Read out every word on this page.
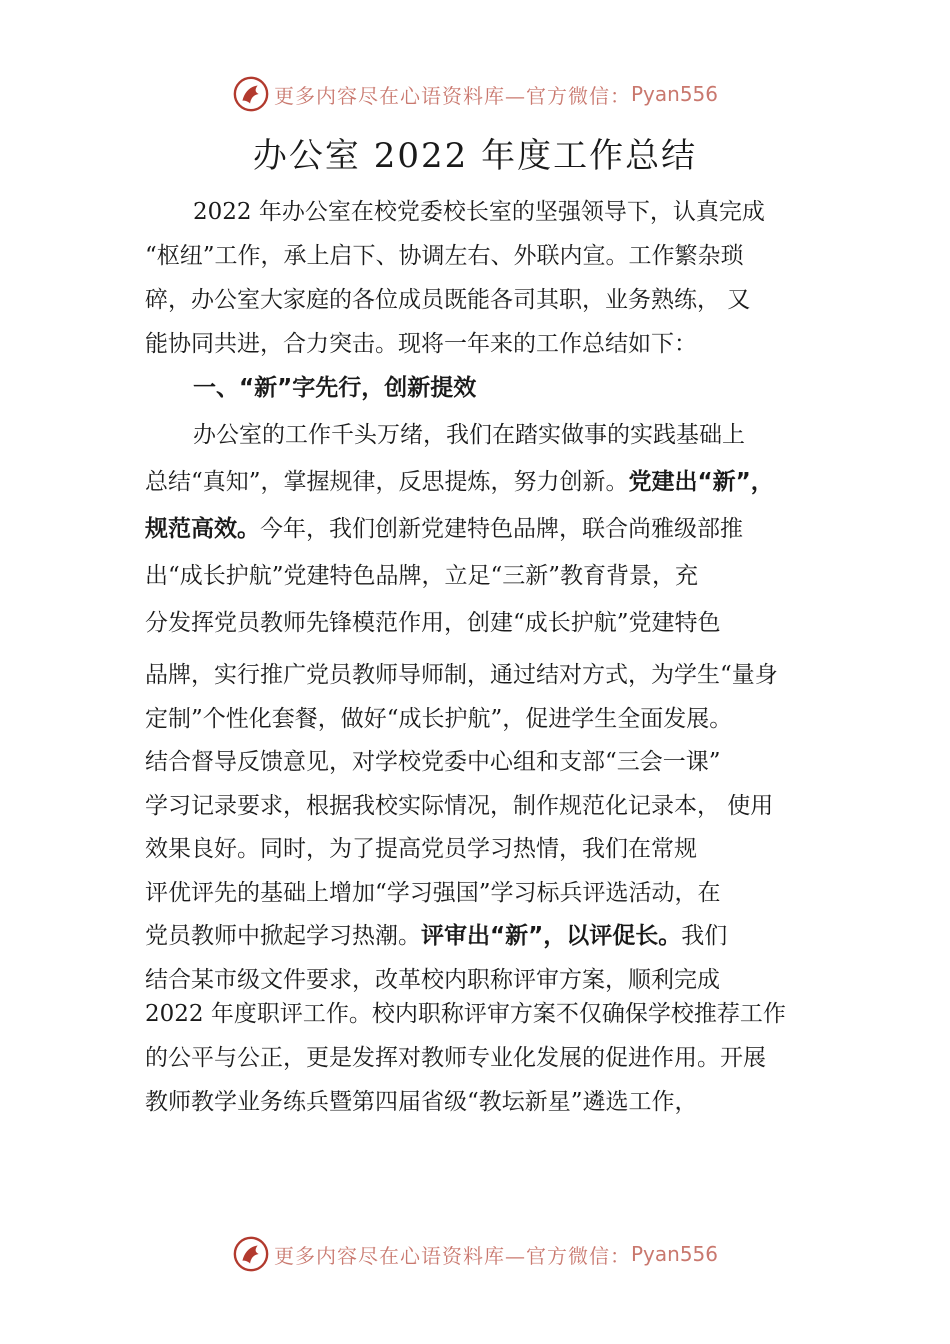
更多内容尽在心语资料库—官方微信： Pyan556
办公室 2022 年度工作总结
2022 年办公室在校党委校长室的坚强领导下，认真完成
“枢纽”工作，承上启下、协调左右、外联内宣。工作繁杂琐
碎，办公室大家庭的各位成员既能各司其职，业务熟练， 又
能协同共进，合力突击。现将一年来的工作总结如下：
一、“新”字先行，创新提效
办公室的工作千头万绪，我们在踏实做事的实践基础上
总结“真知”，掌握规律，反思提炼，努力创新。党建出“新”，
规范高效。今年，我们创新党建特色品牌，联合尚雅级部推
出“成长护航”党建特色品牌，立足“三新”教育背景，充
分发挥党员教师先锋模范作用，创建“成长护航”党建特色
品牌，实行推广党员教师导师制，通过结对方式，为学生“量身
定制”个性化套餐，做好“成长护航”，促进学生全面发展。
结合督导反馈意见，对学校党委中心组和支部“三会一课”
学习记录要求，根据我校实际情况，制作规范化记录本， 使用
效果良好。同时，为了提高党员学习热情，我们在常规
评优评先的基础上增加“学习强国”学习标兵评选活动，在
党员教师中掀起学习热潮。评审出“新”，以评促长。我们
结合某市级文件要求，改革校内职称评审方案，顺利完成
2022 年度职评工作。校内职称评审方案不仅确保学校推荐工作
的公平与公正，更是发挥对教师专业化发展的促进作用。开展
教师教学业务练兵暨第四届省级“教坛新星”遴选工作，
更多内容尽在心语资料库—官方微信： Pyan556
